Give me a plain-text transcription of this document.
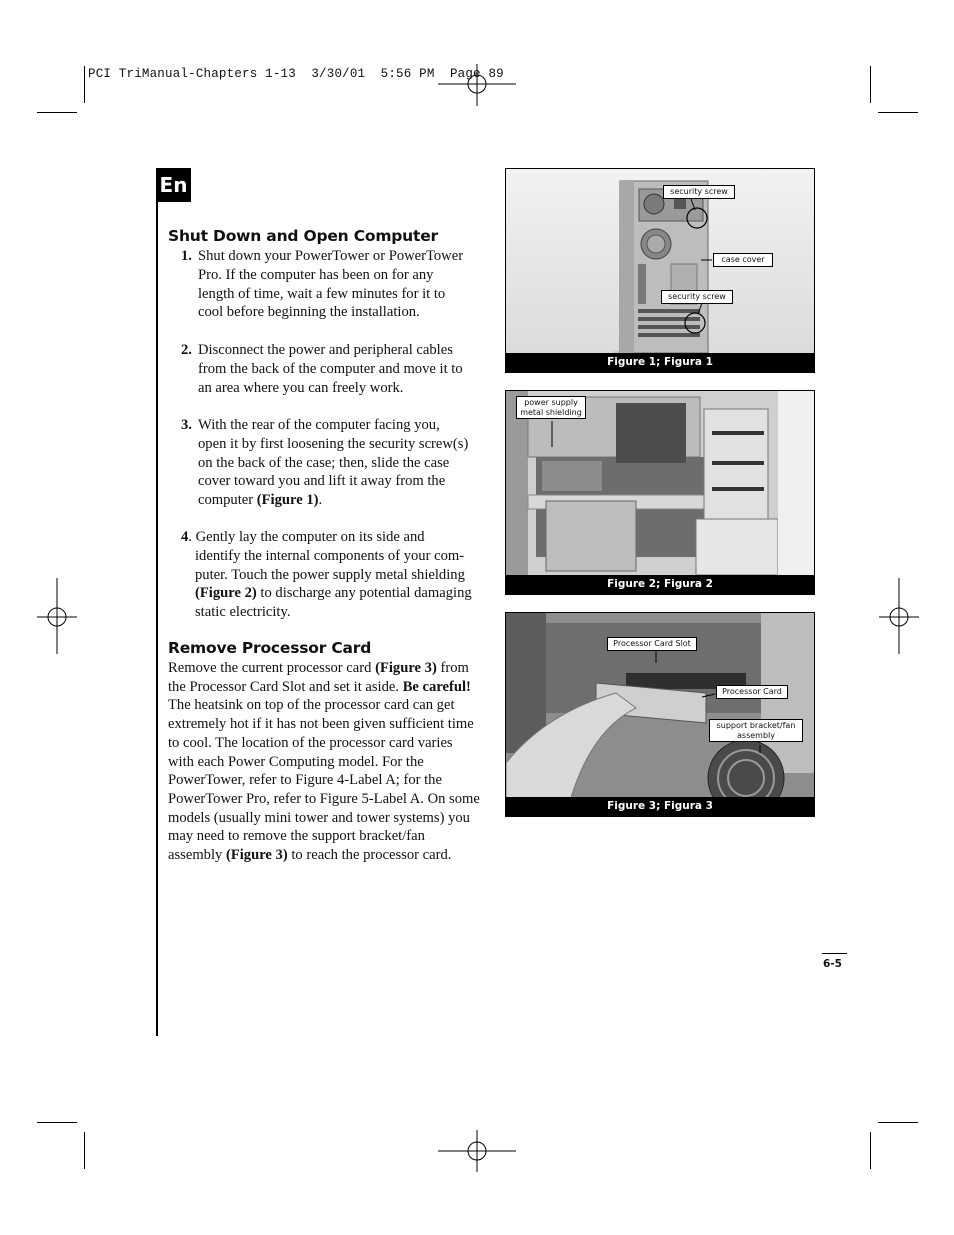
PCI TriManual-Chapters 1-13  3/30/01  5:56 PM  Page 89
En
Shut Down and Open Computer
1. Shut down your PowerTower or PowerTower
Pro. If the computer has been on for any
length of time, wait a few minutes for it to
cool before beginning the installation.
2. Disconnect the power and peripheral cables
from the back of the computer and move it to
an area where you can freely work.
3. With the rear of the computer facing you,
open it by first loosening the security screw(s)
on the back of the case; then, slide the case
cover toward you and lift it away from the
computer (Figure 1).
4. Gently lay the computer on its side and
identify the internal components of your com-
puter. Touch the power supply metal shielding
(Figure 2) to discharge any potential damaging
static electricity.
Remove Processor Card
Remove the current processor card (Figure 3) from the Processor Card Slot and set it aside. Be careful! The heatsink on top of the processor card can get extremely hot if it has not been given sufficient time to cool. The location of the processor card varies with each Power Computing model. For the PowerTower, refer to Figure 4-Label A; for the PowerTower Pro, refer to Figure 5-Label A. On some models (usually mini tower and tower systems) you may need to remove the support bracket/fan assembly (Figure 3) to reach the processor card.
security screw
case cover
security screw
Figure 1; Figura 1
power supply metal shielding
Figure 2; Figura 2
Processor Card Slot
Processor Card
support bracket/fan assembly
Figure 3; Figura 3
6-5
